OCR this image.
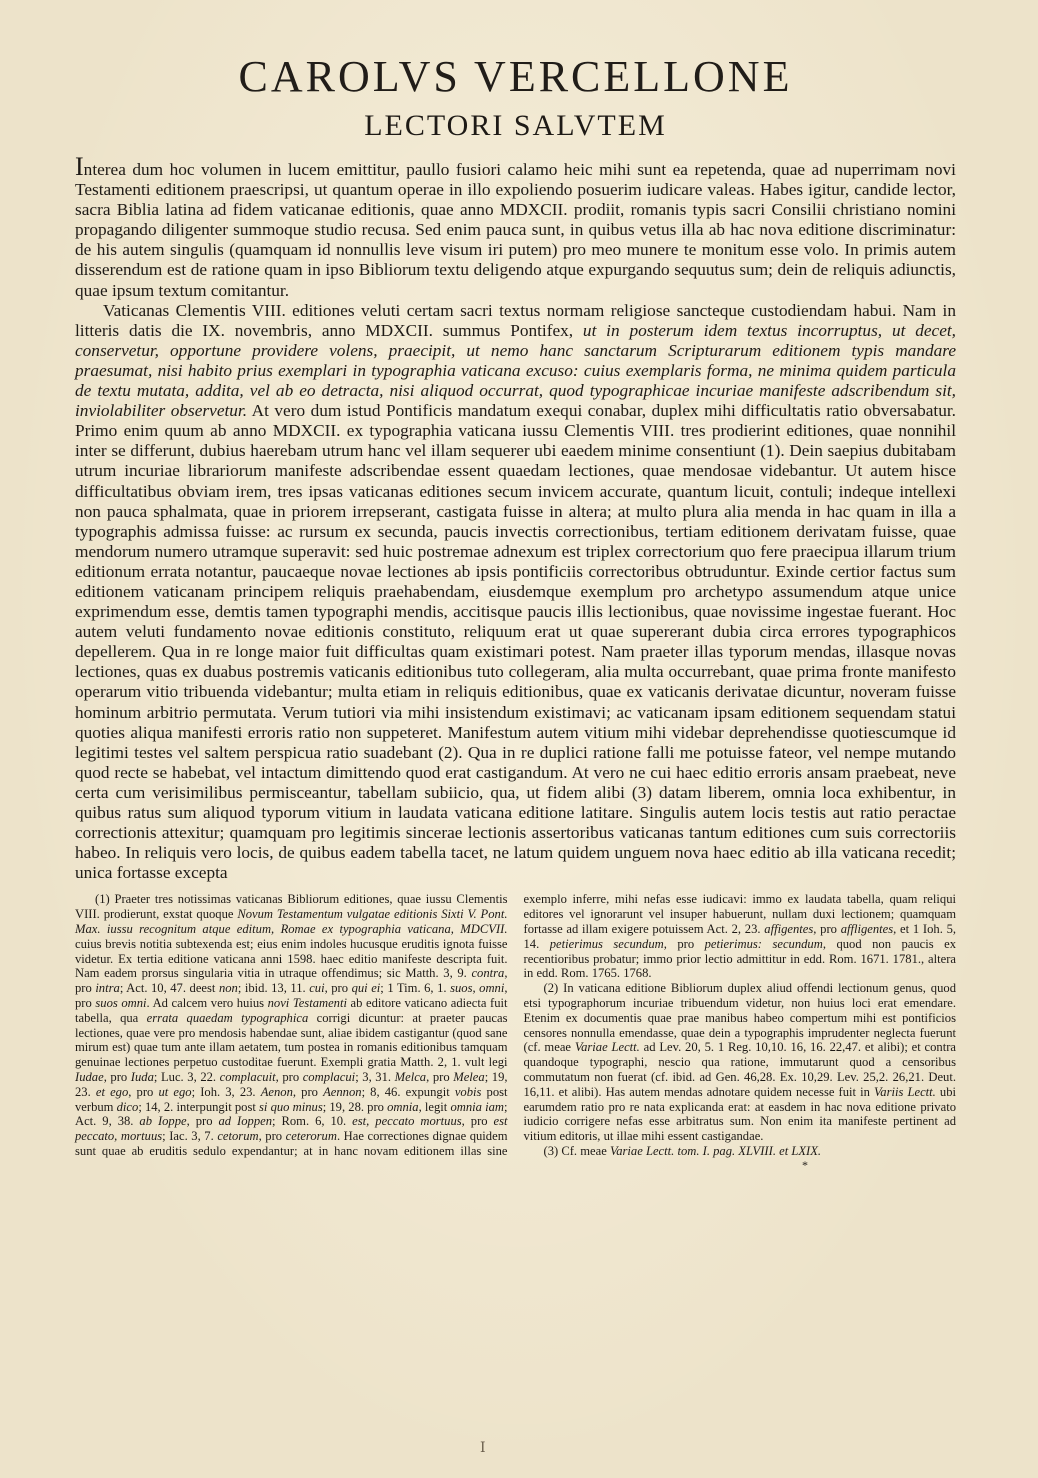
CAROLVS VERCELLONE
LECTORI SALVTEM

Interea dum hoc volumen in lucem emittitur, paullo fusiori calamo heic mihi sunt ea repetenda, quae ad nuperrimam novi Testamenti editionem praescripsi, ut quantum operae in illo expoliendo posuerim iudicare valeas. Habes igitur, candide lector, sacra Biblia latina ad fidem vaticanae editionis, quae anno MDXCII. prodiit, romanis typis sacri Consilii christiano nomini propagando diligenter summoque studio recusa. Sed enim pauca sunt, in quibus vetus illa ab hac nova editione discriminatur: de his autem singulis (quamquam id nonnullis leve visum iri putem) pro meo munere te monitum esse volo. In primis autem disserendum est de ratione quam in ipso Bibliorum textu deligendo atque expurgando sequutus sum; dein de reliquis adiunctis, quae ipsum textum comitantur.

Vaticanas Clementis VIII. editiones veluti certam sacri textus normam religiose sancteque custodiendam habui. Nam in litteris datis die IX. novembris, anno MDXCII. summus Pontifex, ut in posterum idem textus incorruptus, ut decet, conservetur, opportune providere volens, praecipit, ut nemo hanc sanctarum Scripturarum editionem typis mandare praesumat, nisi habito prius exemplari in typographia vaticana excuso: cuius exemplaris forma, ne minima quidem particula de textu mutata, addita, vel ab eo detracta, nisi aliquod occurrat, quod typographicae incuriae manifeste adscribendum sit, inviolabiliter observetur. At vero dum istud Pontificis mandatum exequi conabar, duplex mihi difficultatis ratio obversabatur. Primo enim quum ab anno MDXCII. ex typographia vaticana iussu Clementis VIII. tres prodierint editiones, quae nonnihil inter se differunt, dubius haerebam utrum hanc vel illam sequerer ubi eaedem minime consentiunt (1). Dein saepius dubitabam utrum incuriae librariorum manifeste adscribendae essent quaedam lectiones, quae mendosae videbantur. Ut autem hisce difficultatibus obviam irem, tres ipsas vaticanas editiones secum invicem accurate, quantum licuit, contuli; indeque intellexi non pauca sphalmata, quae in priorem irrepserant, castigata fuisse in altera; at multo plura alia menda in hac quam in illa a typographis admissa fuisse: ac rursum ex secunda, paucis invectis correctionibus, tertiam editionem derivatam fuisse, quae mendorum numero utramque superavit: sed huic postremae adnexum est triplex correctorium quo fere praecipua illarum trium editionum errata notantur, paucaeque novae lectiones ab ipsis pontificiis correctoribus obtruduntur. Exinde certior factus sum editionem vaticanam principem reliquis praehabendam, eiusdemque exemplum pro archetypo assumendum atque unice exprimendum esse, demtis tamen typographi mendis, accitisque paucis illis lectionibus, quae novissime ingestae fuerant. Hoc autem veluti fundamento novae editionis constituto, reliquum erat ut quae supererant dubia circa errores typographicos depellerem. Qua in re longe maior fuit difficultas quam existimari potest. Nam praeter illas typorum mendas, illasque novas lectiones, quas ex duabus postremis vaticanis editionibus tuto collegeram, alia multa occurrebant, quae prima fronte manifesto operarum vitio tribuenda videbantur; multa etiam in reliquis editionibus, quae ex vaticanis derivatae dicuntur, noveram fuisse hominum arbitrio permutata. Verum tutiori via mihi insistendum existimavi; ac vaticanam ipsam editionem sequendam statui quoties aliqua manifesti erroris ratio non suppeteret. Manifestum autem vitium mihi videbar deprehendisse quotiescumque id legitimi testes vel saltem perspicua ratio suadebant (2). Qua in re duplici ratione falli me potuisse fateor, vel nempe mutando quod recte se habebat, vel intactum dimittendo quod erat castigandum. At vero ne cui haec editio erroris ansam praebeat, neve certa cum verisimilibus permisceantur, tabellam subiicio, qua, ut fidem alibi (3) datam liberem, omnia loca exhibentur, in quibus ratus sum aliquod typorum vitium in laudata vaticana editione latitare. Singulis autem locis testis aut ratio peractae correctionis attexitur; quamquam pro legitimis sincerae lectionis assertoribus vaticanas tantum editiones cum suis correctoriis habeo. In reliquis vero locis, de quibus eadem tabella tacet, ne latum quidem unguem nova haec editio ab illa vaticana recedit; unica fortasse excepta

(1) Praeter tres notissimas vaticanas Bibliorum editiones, quae iussu Clementis VIII. prodierunt, exstat quoque Novum Testamentum vulgatae editionis Sixti V. Pont. Max. iussu recognitum atque editum, Romae ex typographia vaticana, MDCVII. cuius brevis notitia subtexenda est; eius enim indoles hucusque eruditis ignota fuisse videtur. Ex tertia editione vaticana anni 1598. haec editio manifeste descripta fuit. Nam eadem prorsus singularia vitia in utraque offendimus; sic Matth. 3, 9. contra, pro intra; Act. 10, 47. deest non; ibid. 13, 11. cui, pro qui ei; 1 Tim. 6, 1. suos, omni, pro suos omni. Ad calcem vero huius novi Testamenti ab editore vaticano adiecta fuit tabella, qua errata quaedam typographica corrigi dicuntur: at praeter paucas lectiones, quae vere pro mendosis habendae sunt, aliae ibidem castigantur (quod sane mirum est) quae tum ante illam aetatem, tum postea in romanis editionibus tamquam genuinae lectiones perpetuo custoditae fuerunt. Exempli gratia Matth. 2, 1. vult legi Iudae, pro Iuda; Luc. 3, 22. complacuit, pro complacui; 3, 31. Melca, pro Melea; 19, 23. et ego, pro ut ego; Ioh. 3, 23. Aenon, pro Aennon; 8, 46. expungit vobis post verbum dico; 14, 2. interpungit post si quo minus; 19, 28. pro omnia, legit omnia iam; Act. 9, 38. ab Ioppe, pro ad Ioppen; Rom. 6, 10. est, peccato mortuus, pro est peccato, mortuus; Iac. 3, 7. cetorum, pro ceterorum. Hae correctiones dignae quidem sunt quae ab eruditis sedulo expendantur; at in hanc novam editionem illas sine exemplo inferre, mihi nefas esse iudicavi: immo ex laudata tabella, quam reliqui editores vel ignorarunt vel insuper habuerunt, nullam duxi lectionem; quamquam fortasse ad illam exigere potuissem Act. 2, 23. affigentes, pro affligentes, et 1 Ioh. 5, 14. petierimus secundum, pro petierimus: secundum, quod non paucis ex recentioribus probatur; immo prior lectio admittitur in edd. Rom. 1671. 1781., altera in edd. Rom. 1765. 1768.

(2) In vaticana editione Bibliorum duplex aliud offendi lectionum genus, quod etsi typographorum incuriae tribuendum videtur, non huius loci erat emendare. Etenim ex documentis quae prae manibus habeo compertum mihi est pontificios censores nonnulla emendasse, quae dein a typographis imprudenter neglecta fuerunt (cf. meae Variae Lectt. ad Lev. 20, 5. 1 Reg. 10,10. 16, 16. 22,47. et alibi); et contra quandoque typographi, nescio qua ratione, immutarunt quod a censoribus commutatum non fuerat (cf. ibid. ad Gen. 46,28. Ex. 10,29. Lev. 25,2. 26,21. Deut. 16,11. et alibi). Has autem mendas adnotare quidem necesse fuit in Variis Lectt. ubi earumdem ratio pro re nata explicanda erat: at easdem in hac nova editione privato iudicio corrigere nefas esse arbitratus sum. Non enim ita manifeste pertinent ad vitium editoris, ut illae mihi essent castigandae.

(3) Cf. meae Variae Lectt. tom. I. pag. XLVIII. et LXIX.

*
I
